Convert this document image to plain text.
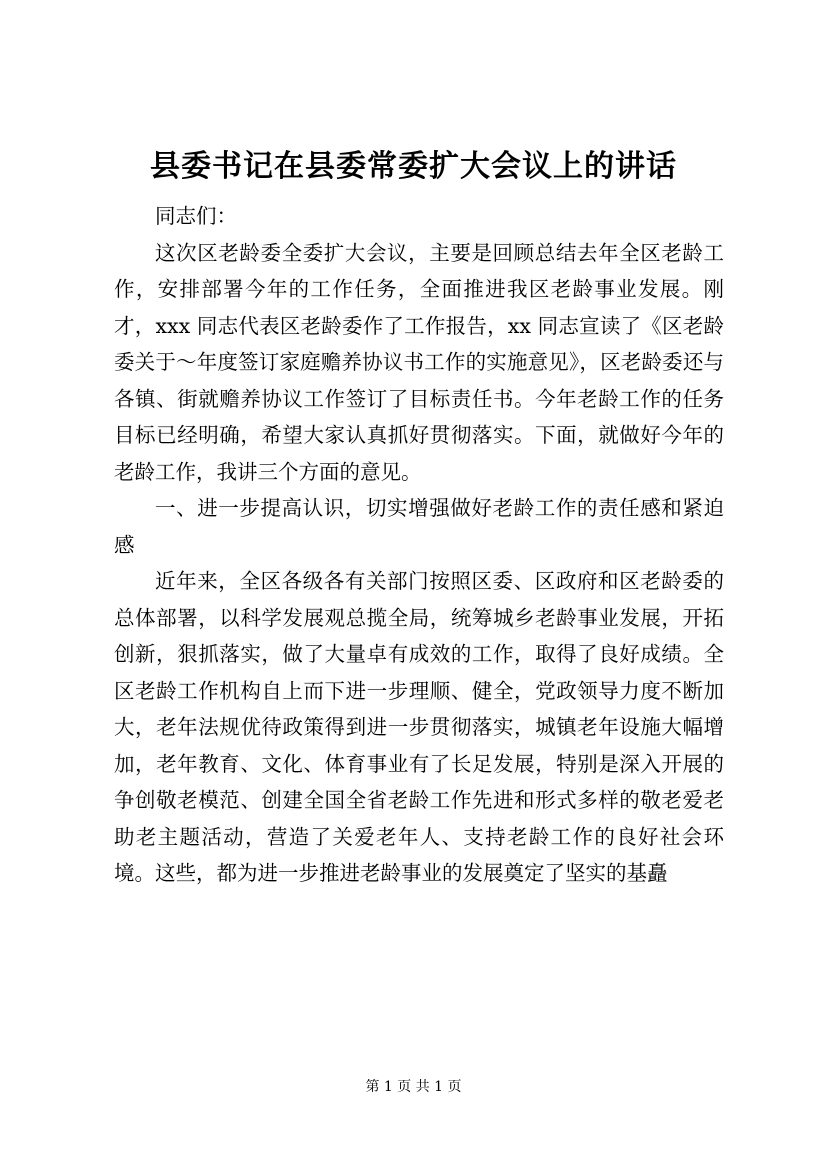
县委书记在县委常委扩大会议上的讲话

同志们：

这次区老龄委全委扩大会议，主要是回顾总结去年全区老龄工作，安排部署今年的工作任务，全面推进我区老龄事业发展。刚才，xxx 同志代表区老龄委作了工作报告，xx 同志宣读了《区老龄委关于～年度签订家庭赡养协议书工作的实施意见》，区老龄委还与各镇、街就赡养协议工作签订了目标责任书。今年老龄工作的任务目标已经明确，希望大家认真抓好贯彻落实。下面，就做好今年的老龄工作，我讲三个方面的意见。

一、进一步提高认识，切实增强做好老龄工作的责任感和紧迫感

近年来，全区各级各有关部门按照区委、区政府和区老龄委的总体部署，以科学发展观总揽全局，统筹城乡老龄事业发展，开拓创新，狠抓落实，做了大量卓有成效的工作，取得了良好成绩。全区老龄工作机构自上而下进一步理顺、健全，党政领导力度不断加大，老年法规优待政策得到进一步贯彻落实，城镇老年设施大幅增加，老年教育、文化、体育事业有了长足发展，特别是深入开展的争创敬老模范、创建全国全省老龄工作先进和形式多样的敬老爱老助老主题活动，营造了关爱老年人、支持老龄工作的良好社会环境。这些，都为进一步推进老龄事业的发展奠定了坚实的基矗

第 1 页 共 1 页
